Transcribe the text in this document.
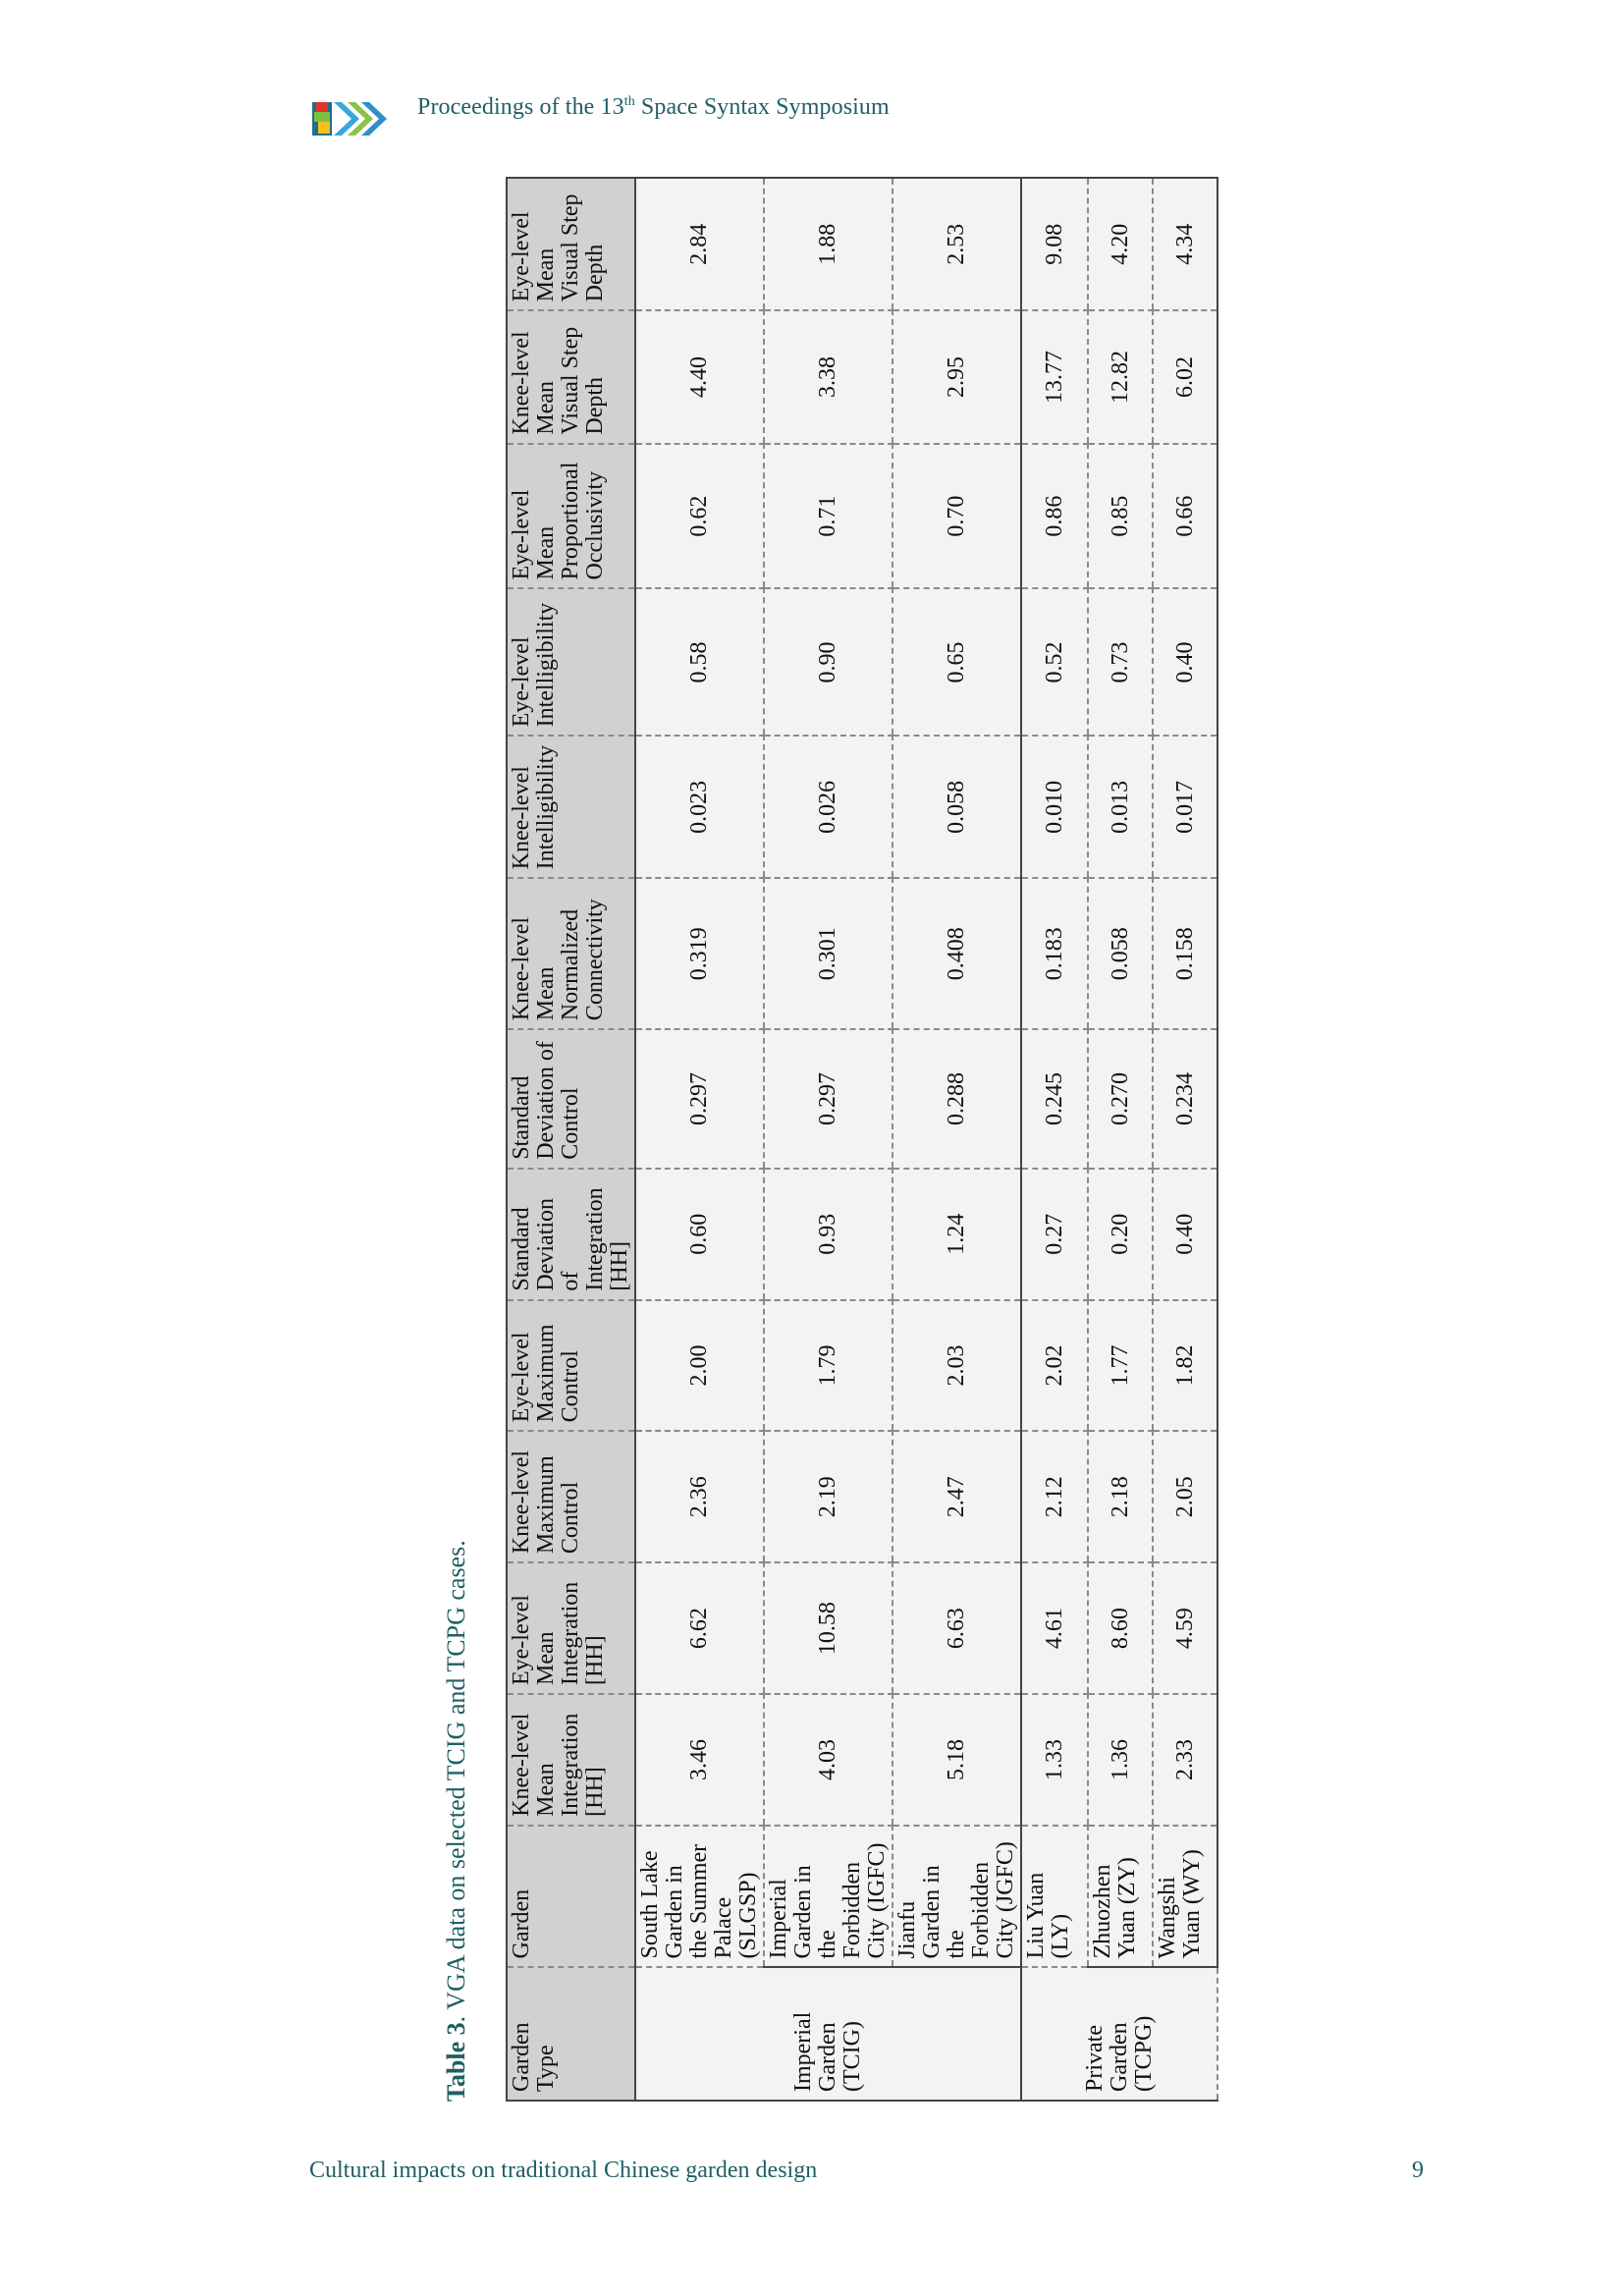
Proceedings of the 13th Space Syntax Symposium
Table 3. VGA data on selected TCIG and TCPG cases.
Garden Type	Garden	Knee-level Mean Integration [HH]	Eye-level Mean Integration [HH]	Knee-level Maximum Control	Eye-level Maximum Control	Standard Deviation of Integration [HH]	Standard Deviation of Control	Knee-level Mean Normalized Connectivity	Knee-level Intelligibility	Eye-level Intelligibility	Eye-level Mean Proportional Occlusivity	Knee-level Mean Visual Step Depth	Eye-level Mean Visual Step Depth
Imperial Garden (TCIG)	South Lake Garden in the Summer Palace (SLGSP)	3.46	6.62	2.36	2.00	0.60	0.297	0.319	0.023	0.58	0.62	4.40	2.84
	Imperial Garden in the Forbidden City (IGFC)	4.03	10.58	2.19	1.79	0.93	0.297	0.301	0.026	0.90	0.71	3.38	1.88
	Jianfu Garden in the Forbidden City (JGFC)	5.18	6.63	2.47	2.03	1.24	0.288	0.408	0.058	0.65	0.70	2.95	2.53
Private Garden (TCPG)	Liu Yuan (LY)	1.33	4.61	2.12	2.02	0.27	0.245	0.183	0.010	0.52	0.86	13.77	9.08
	Zhuozhen Yuan (ZY)	1.36	8.60	2.18	1.77	0.20	0.270	0.058	0.013	0.73	0.85	12.82	4.20
	Wangshi Yuan (WY)	2.33	4.59	2.05	1.82	0.40	0.234	0.158	0.017	0.40	0.66	6.02	4.34
Cultural impacts on traditional Chinese garden design	9
